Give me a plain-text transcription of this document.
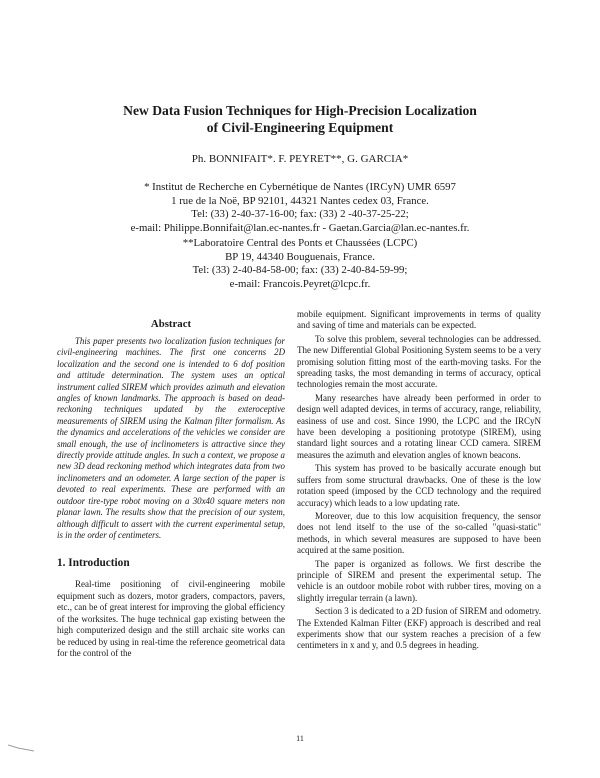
New Data Fusion Techniques for High-Precision Localization
of Civil-Engineering Equipment
Ph. BONNIFAIT*. F. PEYRET**, G. GARCIA*
* Institut de Recherche en Cybernétique de Nantes (IRCyN) UMR 6597
1 rue de la Noë, BP 92101, 44321 Nantes cedex 03, France.
Tel: (33) 2-40-37-16-00; fax: (33) 2 -40-37-25-22;
e-mail: Philippe.Bonnifait@lan.ec-nantes.fr - Gaetan.Garcia@lan.ec-nantes.fr.
**Laboratoire Central des Ponts et Chaussées (LCPC)
BP 19, 44340 Bouguenais, France.
Tel: (33) 2-40-84-58-00; fax: (33) 2-40-84-59-99;
e-mail: Francois.Peyret@lcpc.fr.
Abstract
This paper presents two localization fusion techniques for civil-engineering machines. The first one concerns 2D localization and the second one is intended to 6 dof position and attitude determination. The system uses an optical instrument called SIREM which provides azimuth and elevation angles of known landmarks. The approach is based on dead-reckoning techniques updated by the exteroceptive measurements of SIREM using the Kalman filter formalism. As the dynamics and accelerations of the vehicles we consider are small enough, the use of inclinometers is attractive since they directly provide attitude angles. In such a context, we propose a new 3D dead reckoning method which integrates data from two inclinometers and an odometer. A large section of the paper is devoted to real experiments. These are performed with an outdoor tire-type robot moving on a 30x40 square meters non planar lawn. The results show that the precision of our system, although difficult to assert with the current experimental setup, is in the order of centimeters.
1. Introduction
Real-time positioning of civil-engineering mobile equipment such as dozers, motor graders, compactors, pavers, etc., can be of great interest for improving the global efficiency of the worksites. The huge technical gap existing between the high computerized design and the still archaic site works can be reduced by using in real-time the reference geometrical data for the control of the

mobile equipment. Significant improvements in terms of quality and saving of time and materials can be expected.

To solve this problem, several technologies can be addressed. The new Differential Global Positioning System seems to be a very promising solution fitting most of the earth-moving tasks. For the spreading tasks, the most demanding in terms of accuracy, optical technologies remain the most accurate.

Many researches have already been performed in order to design well adapted devices, in terms of accuracy, range, reliability, easiness of use and cost. Since 1990, the LCPC and the IRCyN have been developing a positioning prototype (SIREM), using standard light sources and a rotating linear CCD camera. SIREM measures the azimuth and elevation angles of known beacons.

This system has proved to be basically accurate enough but suffers from some structural drawbacks. One of these is the low rotation speed (imposed by the CCD technology and the required accuracy) which leads to a low updating rate.

Moreover, due to this low acquisition frequency, the sensor does not lend itself to the use of the so-called "quasi-static" methods, in which several measures are supposed to have been acquired at the same position.

The paper is organized as follows. We first describe the principle of SIREM and present the experimental setup. The vehicle is an outdoor mobile robot with rubber tires, moving on a slightly irregular terrain (a lawn).

Section 3 is dedicated to a 2D fusion of SIREM and odometry. The Extended Kalman Filter (EKF) approach is described and real experiments show that our system reaches a precision of a few centimeters in x and y, and 0.5 degrees in heading.

11
